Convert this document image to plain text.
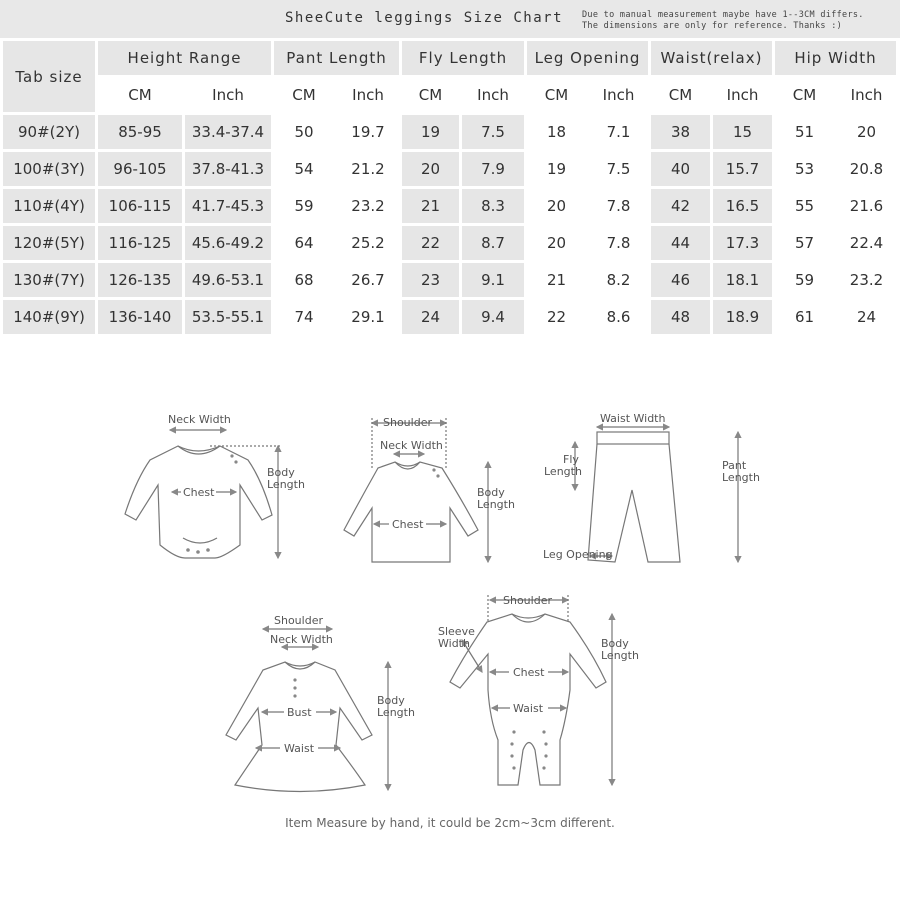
SheeCute leggings Size Chart Due to manual measurement maybe have 1--3CM differs.
The dimensions are only for reference. Thanks :)
Tab size	Height Range		Pant Length		Fly Length		Leg Opening		Waist(relax)		Hip Width	
	CM	Inch	CM	Inch	CM	Inch	CM	Inch	CM	Inch	CM	Inch
90#(2Y)	85-95	33.4-37.4	50	19.7	19	7.5	18	7.1	38	15	51	20
100#(3Y)	96-105	37.8-41.3	54	21.2	20	7.9	19	7.5	40	15.7	53	20.8
110#(4Y)	106-115	41.7-45.3	59	23.2	21	8.3	20	7.8	42	16.5	55	21.6
120#(5Y)	116-125	45.6-49.2	64	25.2	22	8.7	20	7.8	44	17.3	57	22.4
130#(7Y)	126-135	49.6-53.1	68	26.7	23	9.1	21	8.2	46	18.1	59	23.2
140#(9Y)	136-140	53.5-55.1	74	29.1	24	9.4	22	8.6	48	18.9	61	24
Neck Width
Chest
Body
Length
Shoulder
Neck Width
Chest
Body
Length
Waist Width
Fly
Length	Pant
Length
Leg Opening
Shoulder
Neck Width
Bust
Waist
Body
Length
Shoulder
Sleeve
Width
Chest
Waist
Body
Length
Item Measure by hand, it could be 2cm~3cm different.
